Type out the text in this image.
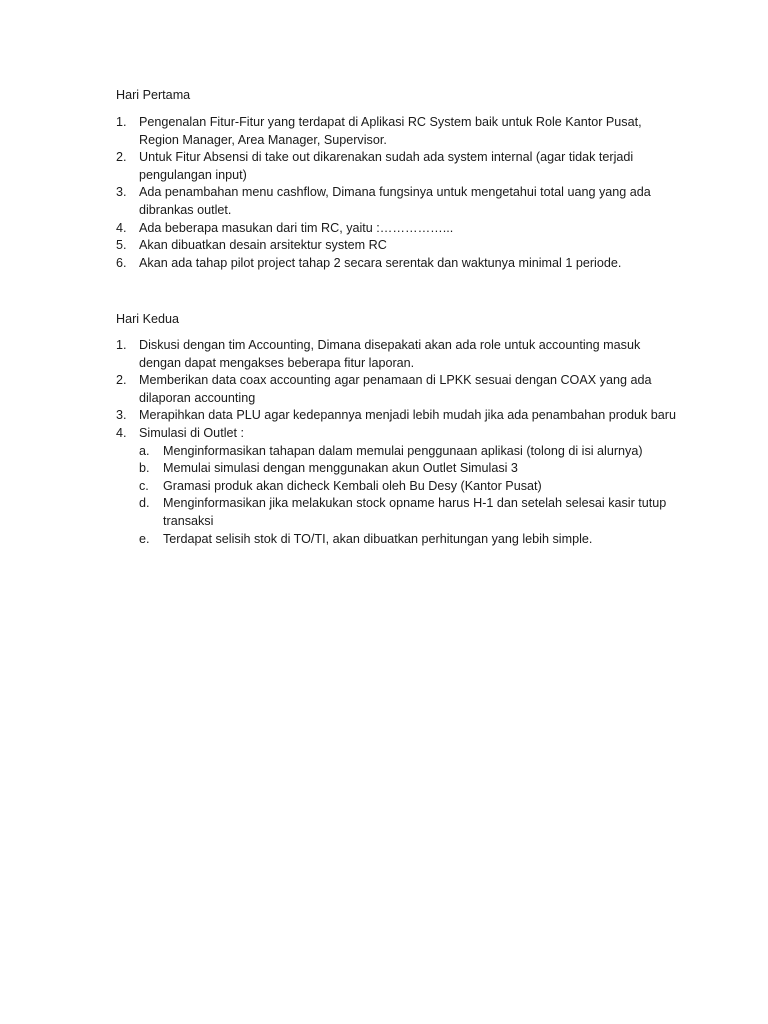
Hari Pertama
1. Pengenalan Fitur-Fitur yang terdapat di Aplikasi RC System baik untuk Role Kantor Pusat, Region Manager, Area Manager, Supervisor.
2. Untuk Fitur Absensi di take out dikarenakan sudah ada system internal (agar tidak terjadi pengulangan input)
3. Ada penambahan menu cashflow, Dimana fungsinya untuk mengetahui total uang yang ada dibrankas outlet.
4. Ada beberapa masukan dari tim RC, yaitu :……………...
5. Akan dibuatkan desain arsitektur system RC
6. Akan ada tahap pilot project tahap 2 secara serentak dan waktunya minimal 1 periode.
Hari Kedua
1. Diskusi dengan tim Accounting, Dimana disepakati akan ada role untuk accounting masuk dengan dapat mengakses beberapa fitur laporan.
2. Memberikan data coax accounting agar penamaan di LPKK sesuai dengan COAX yang ada dilaporan accounting
3. Merapihkan data PLU agar kedepannya menjadi lebih mudah jika ada penambahan produk baru
4. Simulasi di Outlet :
a. Menginformasikan tahapan dalam memulai penggunaan aplikasi (tolong di isi alurnya)
b. Memulai simulasi dengan menggunakan akun Outlet Simulasi 3
c. Gramasi produk akan dicheck Kembali oleh Bu Desy (Kantor Pusat)
d. Menginformasikan jika melakukan stock opname harus H-1 dan setelah selesai kasir tutup transaksi
e. Terdapat selisih stok di TO/TI, akan dibuatkan perhitungan yang lebih simple.
